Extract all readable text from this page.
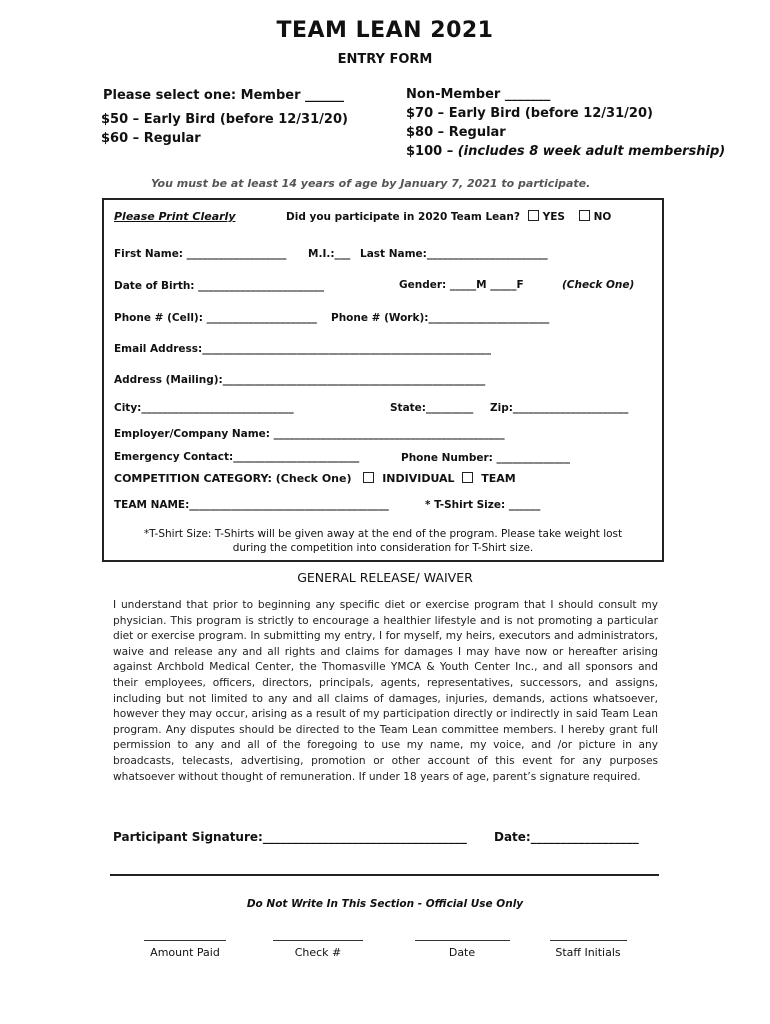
TEAM LEAN 2021
ENTRY FORM
Please select one: Member ______
$50 – Early Bird (before 12/31/20)
$60 – Regular
Non-Member _______
$70 – Early Bird (before 12/31/20)
$80 – Regular
$100 – (includes 8 week adult membership)
You must be at least 14 years of age by January 7, 2021 to participate.
Please Print Clearly	Did you participate in 2020 Team Lean? YES	NO
First Name: ___________________ M.I.:___ Last Name:_______________________
Date of Birth: ________________________	Gender: _____M _____F	(Check One)
Phone # (Cell): _____________________ Phone # (Work):_______________________
Email Address:_______________________________________________________
Address (Mailing):__________________________________________________
City:_____________________________	State:_________ Zip:______________________
Employer/Company Name: ____________________________________________
Emergency Contact:________________________	Phone Number: ______________
COMPETITION CATEGORY: (Check One)	INDIVIDUAL TEAM
TEAM NAME:______________________________________	* T-Shirt Size: ______
*T-Shirt Size: T-Shirts will be given away at the end of the program. Please take weight lost
during the competition into consideration for T-Shirt size.
GENERAL RELEASE/ WAIVER
I understand that prior to beginning any specific diet or exercise program that I should consult my physician. This program is strictly to encourage a healthier lifestyle and is not promoting a particular diet or exercise program. In submitting my entry, I for myself, my heirs, executors and administrators, waive and release any and all rights and claims for damages I may have now or hereafter arising against Archbold Medical Center, the Thomasville YMCA & Youth Center Inc., and all sponsors and their employees, officers, directors, principals, agents, representatives, successors, and assigns, including but not limited to any and all claims of damages, injuries, demands, actions whatsoever, however they may occur, arising as a result of my participation directly or indirectly in said Team Lean program. Any disputes should be directed to the Team Lean committee members. I hereby grant full permission to any and all of the foregoing to use my name, my voice, and /or picture in any broadcasts, telecasts, advertising, promotion or other account of this event for any purposes whatsoever without thought of remuneration. If under 18 years of age, parent’s signature required.
Participant Signature:__________________________________ Date:__________________
Do Not Write In This Section - Official Use Only
Amount Paid	Check #	Date	Staff Initials
